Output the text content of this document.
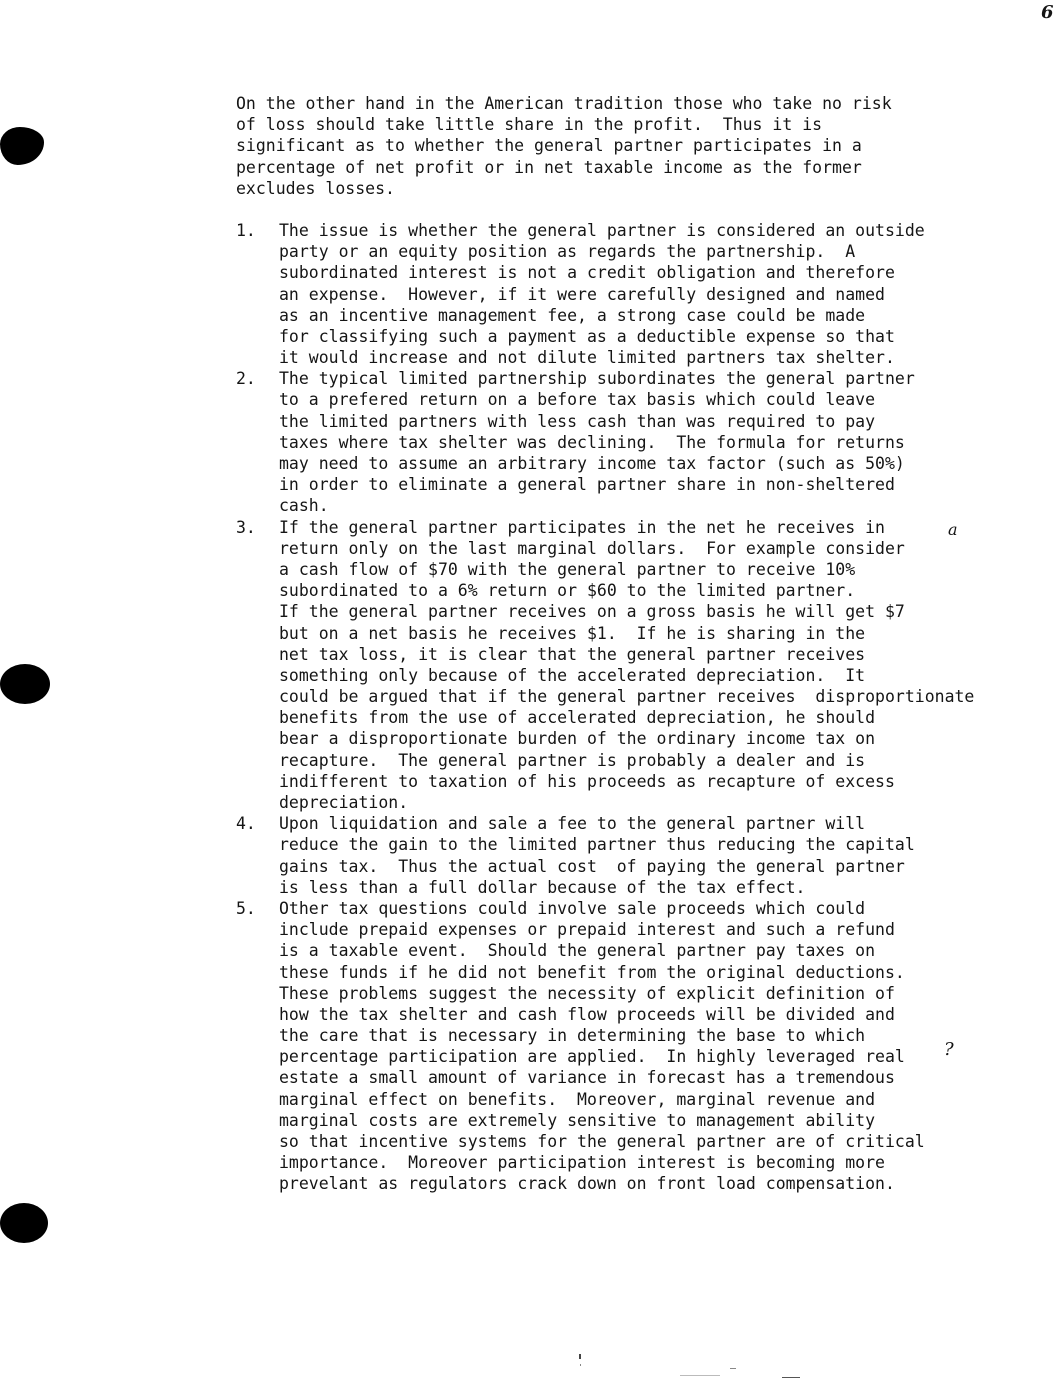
6
On the other hand in the American tradition those who take no risk
of loss should take little share in the profit.  Thus it is
significant as to whether the general partner participates in a
percentage of net profit or in net taxable income as the former
excludes losses.
1. The issue is whether the general partner is considered an outside
party or an equity position as regards the partnership.  A
subordinated interest is not a credit obligation and therefore
an expense.  However, if it were carefully designed and named
as an incentive management fee, a strong case could be made
for classifying such a payment as a deductible expense so that
it would increase and not dilute limited partners tax shelter.
2. The typical limited partnership subordinates the general partner
to a prefered return on a before tax basis which could leave
the limited partners with less cash than was required to pay
taxes where tax shelter was declining.  The formula for returns
may need to assume an arbitrary income tax factor (such as 50%)
in order to eliminate a general partner share in non-sheltered
cash.
3. If the general partner participates in the net he receives in
return only on the last marginal dollars.  For example consider
a cash flow of $70 with the general partner to receive 10%
subordinated to a 6% return or $60 to the limited partner.
If the general partner receives on a gross basis he will get $7
but on a net basis he receives $1.  If he is sharing in the
net tax loss, it is clear that the general partner receives
something only because of the accelerated depreciation.  It
could be argued that if the general partner receives  disproportionate
benefits from the use of accelerated depreciation, he should
bear a disproportionate burden of the ordinary income tax on
recapture.  The general partner is probably a dealer and is
indifferent to taxation of his proceeds as recapture of excess
depreciation.
4. Upon liquidation and sale a fee to the general partner will
reduce the gain to the limited partner thus reducing the capital
gains tax.  Thus the actual cost  of paying the general partner
is less than a full dollar because of the tax effect.
5. Other tax questions could involve sale proceeds which could
include prepaid expenses or prepaid interest and such a refund
is a taxable event.  Should the general partner pay taxes on
these funds if he did not benefit from the original deductions.
These problems suggest the necessity of explicit definition of
how the tax shelter and cash flow proceeds will be divided and
the care that is necessary in determining the base to which
percentage participation are applied.  In highly leveraged real
estate a small amount of variance in forecast has a tremendous
marginal effect on benefits.  Moreover, marginal revenue and
marginal costs are extremely sensitive to management ability
so that incentive systems for the general partner are of critical
importance.  Moreover participation interest is becoming more
prevelant as regulators crack down on front load compensation.
a
?
